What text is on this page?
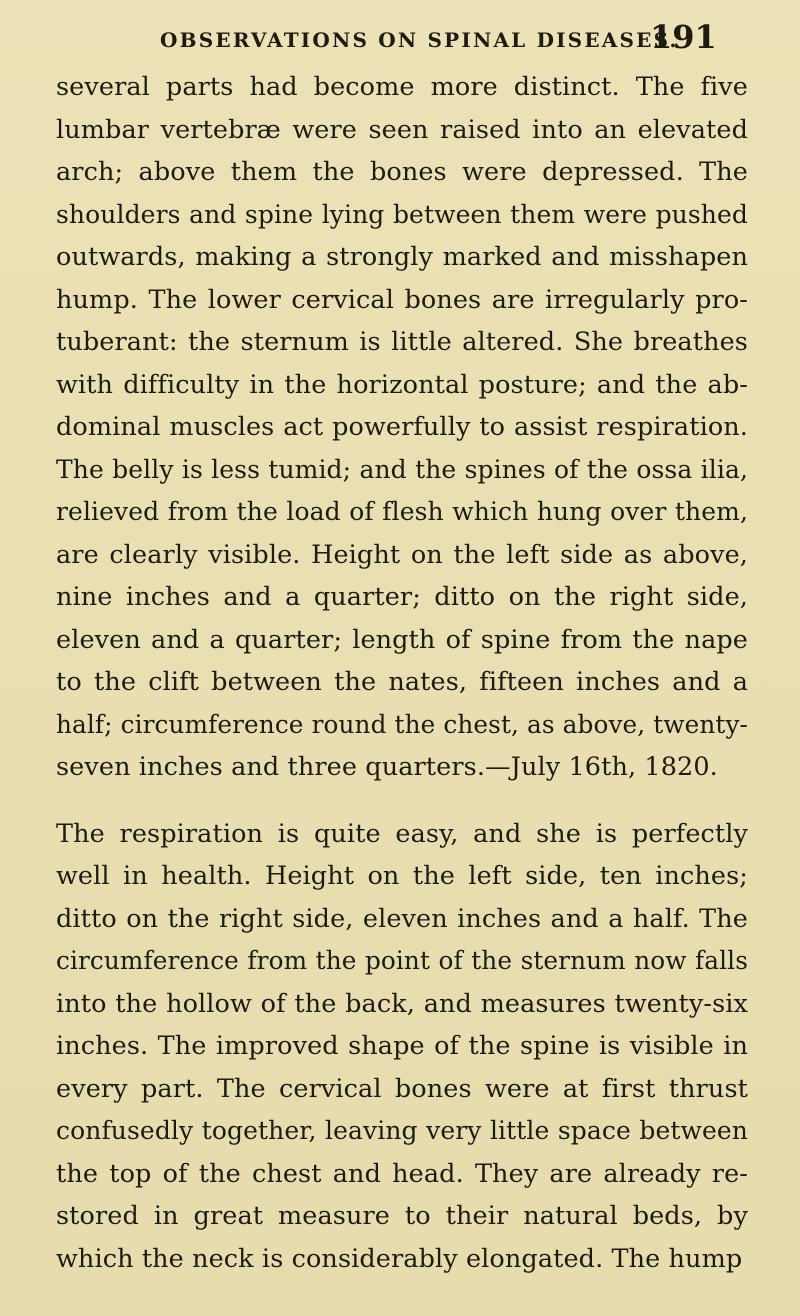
OBSERVATIONS ON SPINAL DISEASES.
191

several parts had become more distinct. The five
lumbar vertebræ were seen raised into an elevated
arch; above them the bones were depressed. The
shoulders and spine lying between them were pushed
outwards, making a strongly marked and misshapen
hump. The lower cervical bones are irregularly pro-
tuberant: the sternum is little altered. She breathes
with difficulty in the horizontal posture; and the ab-
dominal muscles act powerfully to assist respiration.
The belly is less tumid; and the spines of the ossa ilia,
relieved from the load of flesh which hung over them,
are clearly visible. Height on the left side as above,
nine inches and a quarter; ditto on the right side,
eleven and a quarter; length of spine from the nape
to the clift between the nates, fifteen inches and a
half; circumference round the chest, as above, twenty-
seven inches and three quarters.—July 16th, 1820.

The respiration is quite easy, and she is perfectly
well in health. Height on the left side, ten inches;
ditto on the right side, eleven inches and a half. The
circumference from the point of the sternum now falls
into the hollow of the back, and measures twenty-six
inches. The improved shape of the spine is visible in
every part. The cervical bones were at first thrust
confusedly together, leaving very little space between
the top of the chest and head. They are already re-
stored in great measure to their natural beds, by
which the neck is considerably elongated. The hump
